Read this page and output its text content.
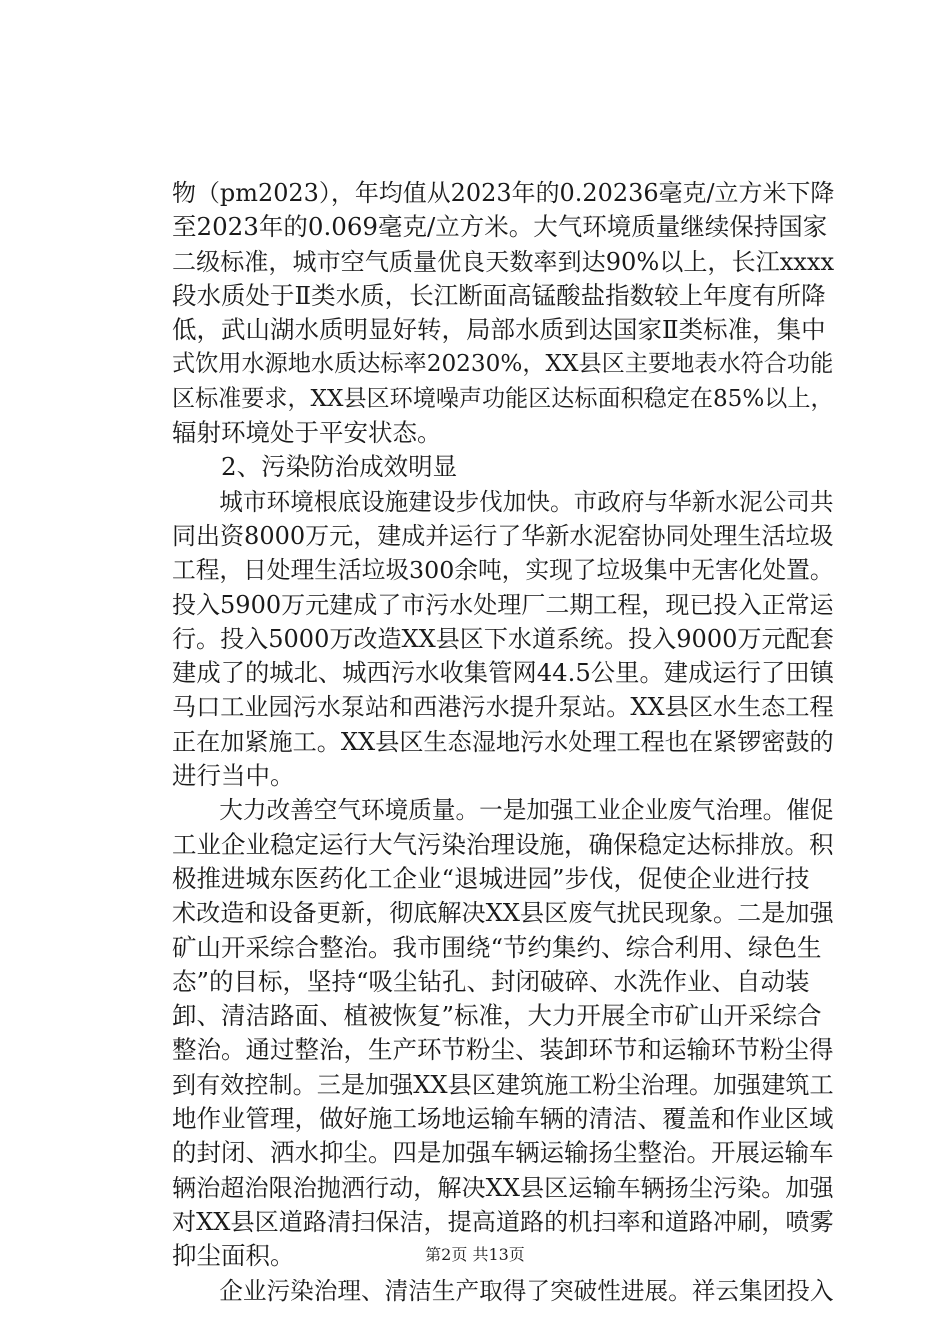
物（pm2023），年均值从2023年的0.20236毫克/立方米下降
至2023年的0.069毫克/立方米。大气环境质量继续保持国家
二级标准，城市空气质量优良天数率到达90%以上，长江xxxx
段水质处于Ⅱ类水质，长江断面高锰酸盐指数较上年度有所降
低，武山湖水质明显好转，局部水质到达国家Ⅱ类标准，集中
式饮用水源地水质达标率20230%，XX县区主要地表水符合功能
区标准要求，XX县区环境噪声功能区达标面积稳定在85%以上，
辐射环境处于平安状态。
2、污染防治成效明显
城市环境根底设施建设步伐加快。市政府与华新水泥公司共
同出资8000万元，建成并运行了华新水泥窑协同处理生活垃圾
工程，日处理生活垃圾300余吨，实现了垃圾集中无害化处置。
投入5900万元建成了市污水处理厂二期工程，现已投入正常运
行。投入5000万改造XX县区下水道系统。投入9000万元配套
建成了的城北、城西污水收集管网44.5公里。建成运行了田镇
马口工业园污水泵站和西港污水提升泵站。XX县区水生态工程
正在加紧施工。XX县区生态湿地污水处理工程也在紧锣密鼓的
进行当中。
大力改善空气环境质量。一是加强工业企业废气治理。催促
工业企业稳定运行大气污染治理设施，确保稳定达标排放。积
极推进城东医药化工企业“退城进园”步伐，促使企业进行技
术改造和设备更新，彻底解决XX县区废气扰民现象。二是加强
矿山开采综合整治。我市围绕“节约集约、综合利用、绿色生
态”的目标，坚持“吸尘钻孔、封闭破碎、水洗作业、自动装
卸、清洁路面、植被恢复”标准，大力开展全市矿山开采综合
整治。通过整治，生产环节粉尘、装卸环节和运输环节粉尘得
到有效控制。三是加强XX县区建筑施工粉尘治理。加强建筑工
地作业管理，做好施工场地运输车辆的清洁、覆盖和作业区域
的封闭、洒水抑尘。四是加强车辆运输扬尘整治。开展运输车
辆治超治限治抛洒行动，解决XX县区运输车辆扬尘污染。加强
对XX县区道路清扫保洁，提高道路的机扫率和道路冲刷，喷雾
抑尘面积。
企业污染治理、清洁生产取得了突破性进展。祥云集团投入
第2页 共13页
